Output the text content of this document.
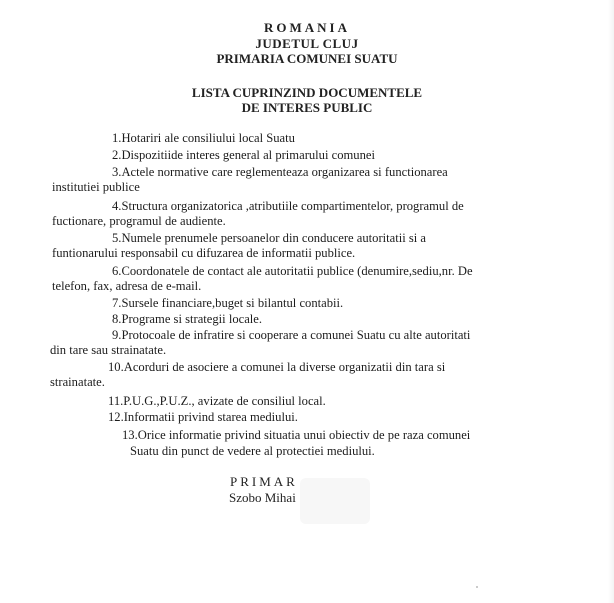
ROMANIA
JUDETUL CLUJ
PRIMARIA COMUNEI SUATU
LISTA CUPRINZIND DOCUMENTELE
DE INTERES PUBLIC
1.Hotariri ale consiliului local Suatu
2.Dispozitiide interes general al primarului comunei
3.Actele normative care reglementeaza organizarea si functionarea
institutiei publice
4.Structura organizatorica ,atributiile compartimentelor, programul de
fuctionare, programul de audiente.
5.Numele prenumele persoanelor din conducere autoritatii si a
funtionarului responsabil cu difuzarea de informatii publice.
6.Coordonatele de contact ale autoritatii publice (denumire,sediu,nr. De
telefon, fax, adresa de e-mail.
7.Sursele financiare,buget si bilantul contabii.
8.Programe si strategii locale.
9.Protocoale de infratire si cooperare a comunei Suatu cu alte autoritati
din tare sau strainatate.
10.Acorduri de asociere a comunei la diverse organizatii din tara si
strainatate.
11.P.U.G.,P.U.Z., avizate de consiliul local.
12.Informatii privind starea mediului.
13.Orice informatie privind situatia unui obiectiv de pe raza comunei
Suatu din punct de vedere al protectiei mediului.
PRIMAR
Szobo Mihai
